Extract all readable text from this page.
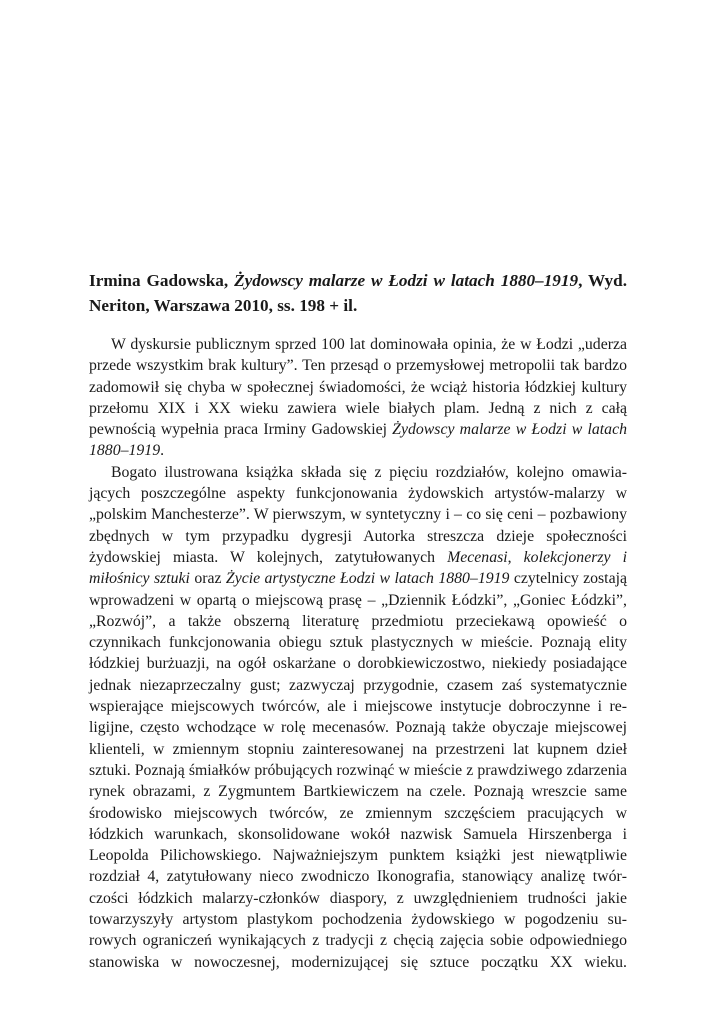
Irmina Gadowska, Żydowscy malarze w Łodzi w latach 1880–1919, Wyd. Neriton, Warszawa 2010, ss. 198 + il.

W dyskursie publicznym sprzed 100 lat dominowała opinia, że w Łodzi „uderza przede wszystkim brak kultury”. Ten przesąd o przemysłowej metropolii tak bardzo zadomowił się chyba w społecznej świadomości, że wciąż historia łódzkiej kultury przełomu XIX i XX wieku zawiera wiele białych plam. Jedną z nich z całą pewnością wypełnia praca Irminy Gadowskiej Żydowscy malarze w Łodzi w latach 1880–1919.

Bogato ilustrowana książka składa się z pięciu rozdziałów, kolejno omawiających poszczególne aspekty funkcjonowania żydowskich artystów-malarzy w „polskim Manchesterze”. W pierwszym, w syntetyczny i – co się ceni – pozbawiony zbędnych w tym przypadku dygresji Autorka streszcza dzieje społeczności żydowskiej miasta. W kolejnych, zatytułowanych Mecenasi, kolekcjonerzy i miłośnicy sztuki oraz Życie artystyczne Łodzi w latach 1880–1919 czytelnicy zostają wprowadzeni w opartą o miejscową prasę – „Dziennik Łódzki”, „Goniec Łódzki”, „Rozwój”, a także obszerną literaturę przedmiotu przeciekawą opowieść o czynnikach funkcjonowania obiegu sztuk plastycznych w mieście. Poznają elity łódzkiej burżuazji, na ogół oskarżane o dorobkiewiczostwo, niekiedy posiadające jednak niezaprzeczalny gust; zazwyczaj przygodnie, czasem zaś systematycznie wspierające miejscowych twórców, ale i miejscowe instytucje dobroczynne i religijne, często wchodzące w rolę mecenasów. Poznają także obyczaje miejscowej klienteli, w zmiennym stopniu zainteresowanej na przestrzeni lat kupnem dzieł sztuki. Poznają śmiałków próbujących rozwinąć w mieście z prawdziwego zdarzenia rynek obrazami, z Zygmuntem Bartkiewiczem na czele. Poznają wreszcie same środowisko miejscowych twórców, ze zmiennym szczęściem pracujących w łódzkich warunkach, skonsolidowane wokół nazwisk Samuela Hirszenberga i Leopolda Pilichowskiego. Najważniejszym punktem książki jest niewątpliwie rozdział 4, zatytułowany nieco zwodniczo Ikonografia, stanowiący analizę twórczości łódzkich malarzy-członków diaspory, z uwzględnieniem trudności jakie towarzyszyły artystom plastykom pochodzenia żydowskiego w pogodzeniu surowych ograniczeń wynikających z tradycji z chęcią zajęcia sobie odpowiedniego stanowiska w nowoczesnej, modernizującej się sztuce początku XX wieku.
